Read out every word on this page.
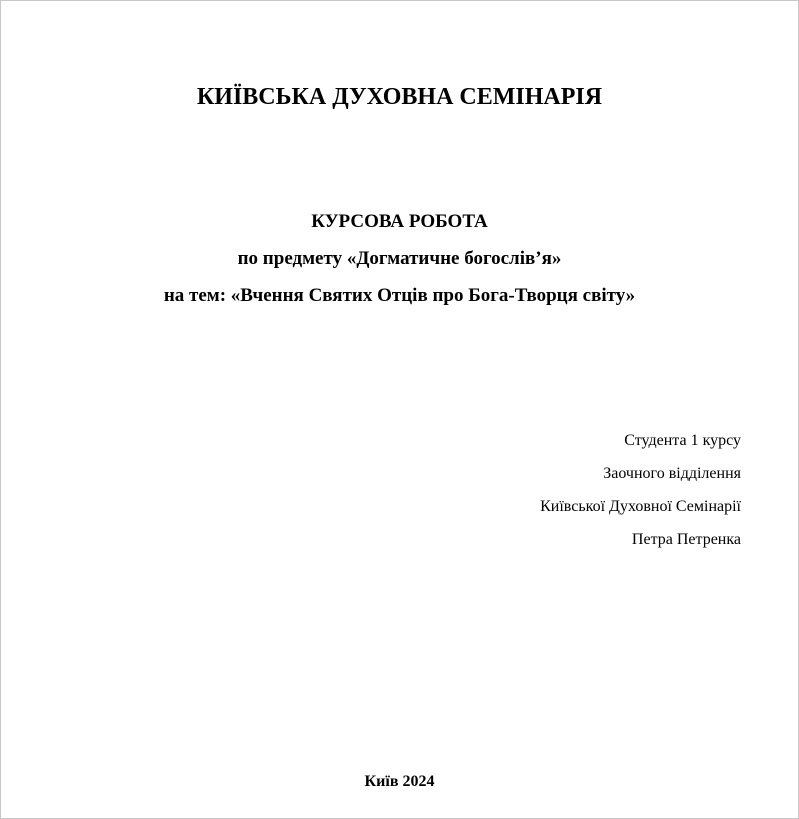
КИЇВСЬКА ДУХОВНА СЕМІНАРІЯ
КУРСОВА РОБОТА
по предмету «Догматичне богослів’я»
на тем: «Вчення Святих Отців про Бога-Творця світу»
Студента 1 курсу
Заочного відділення
Київської Духовної Семінарії
Петра Петренка
Київ 2024
